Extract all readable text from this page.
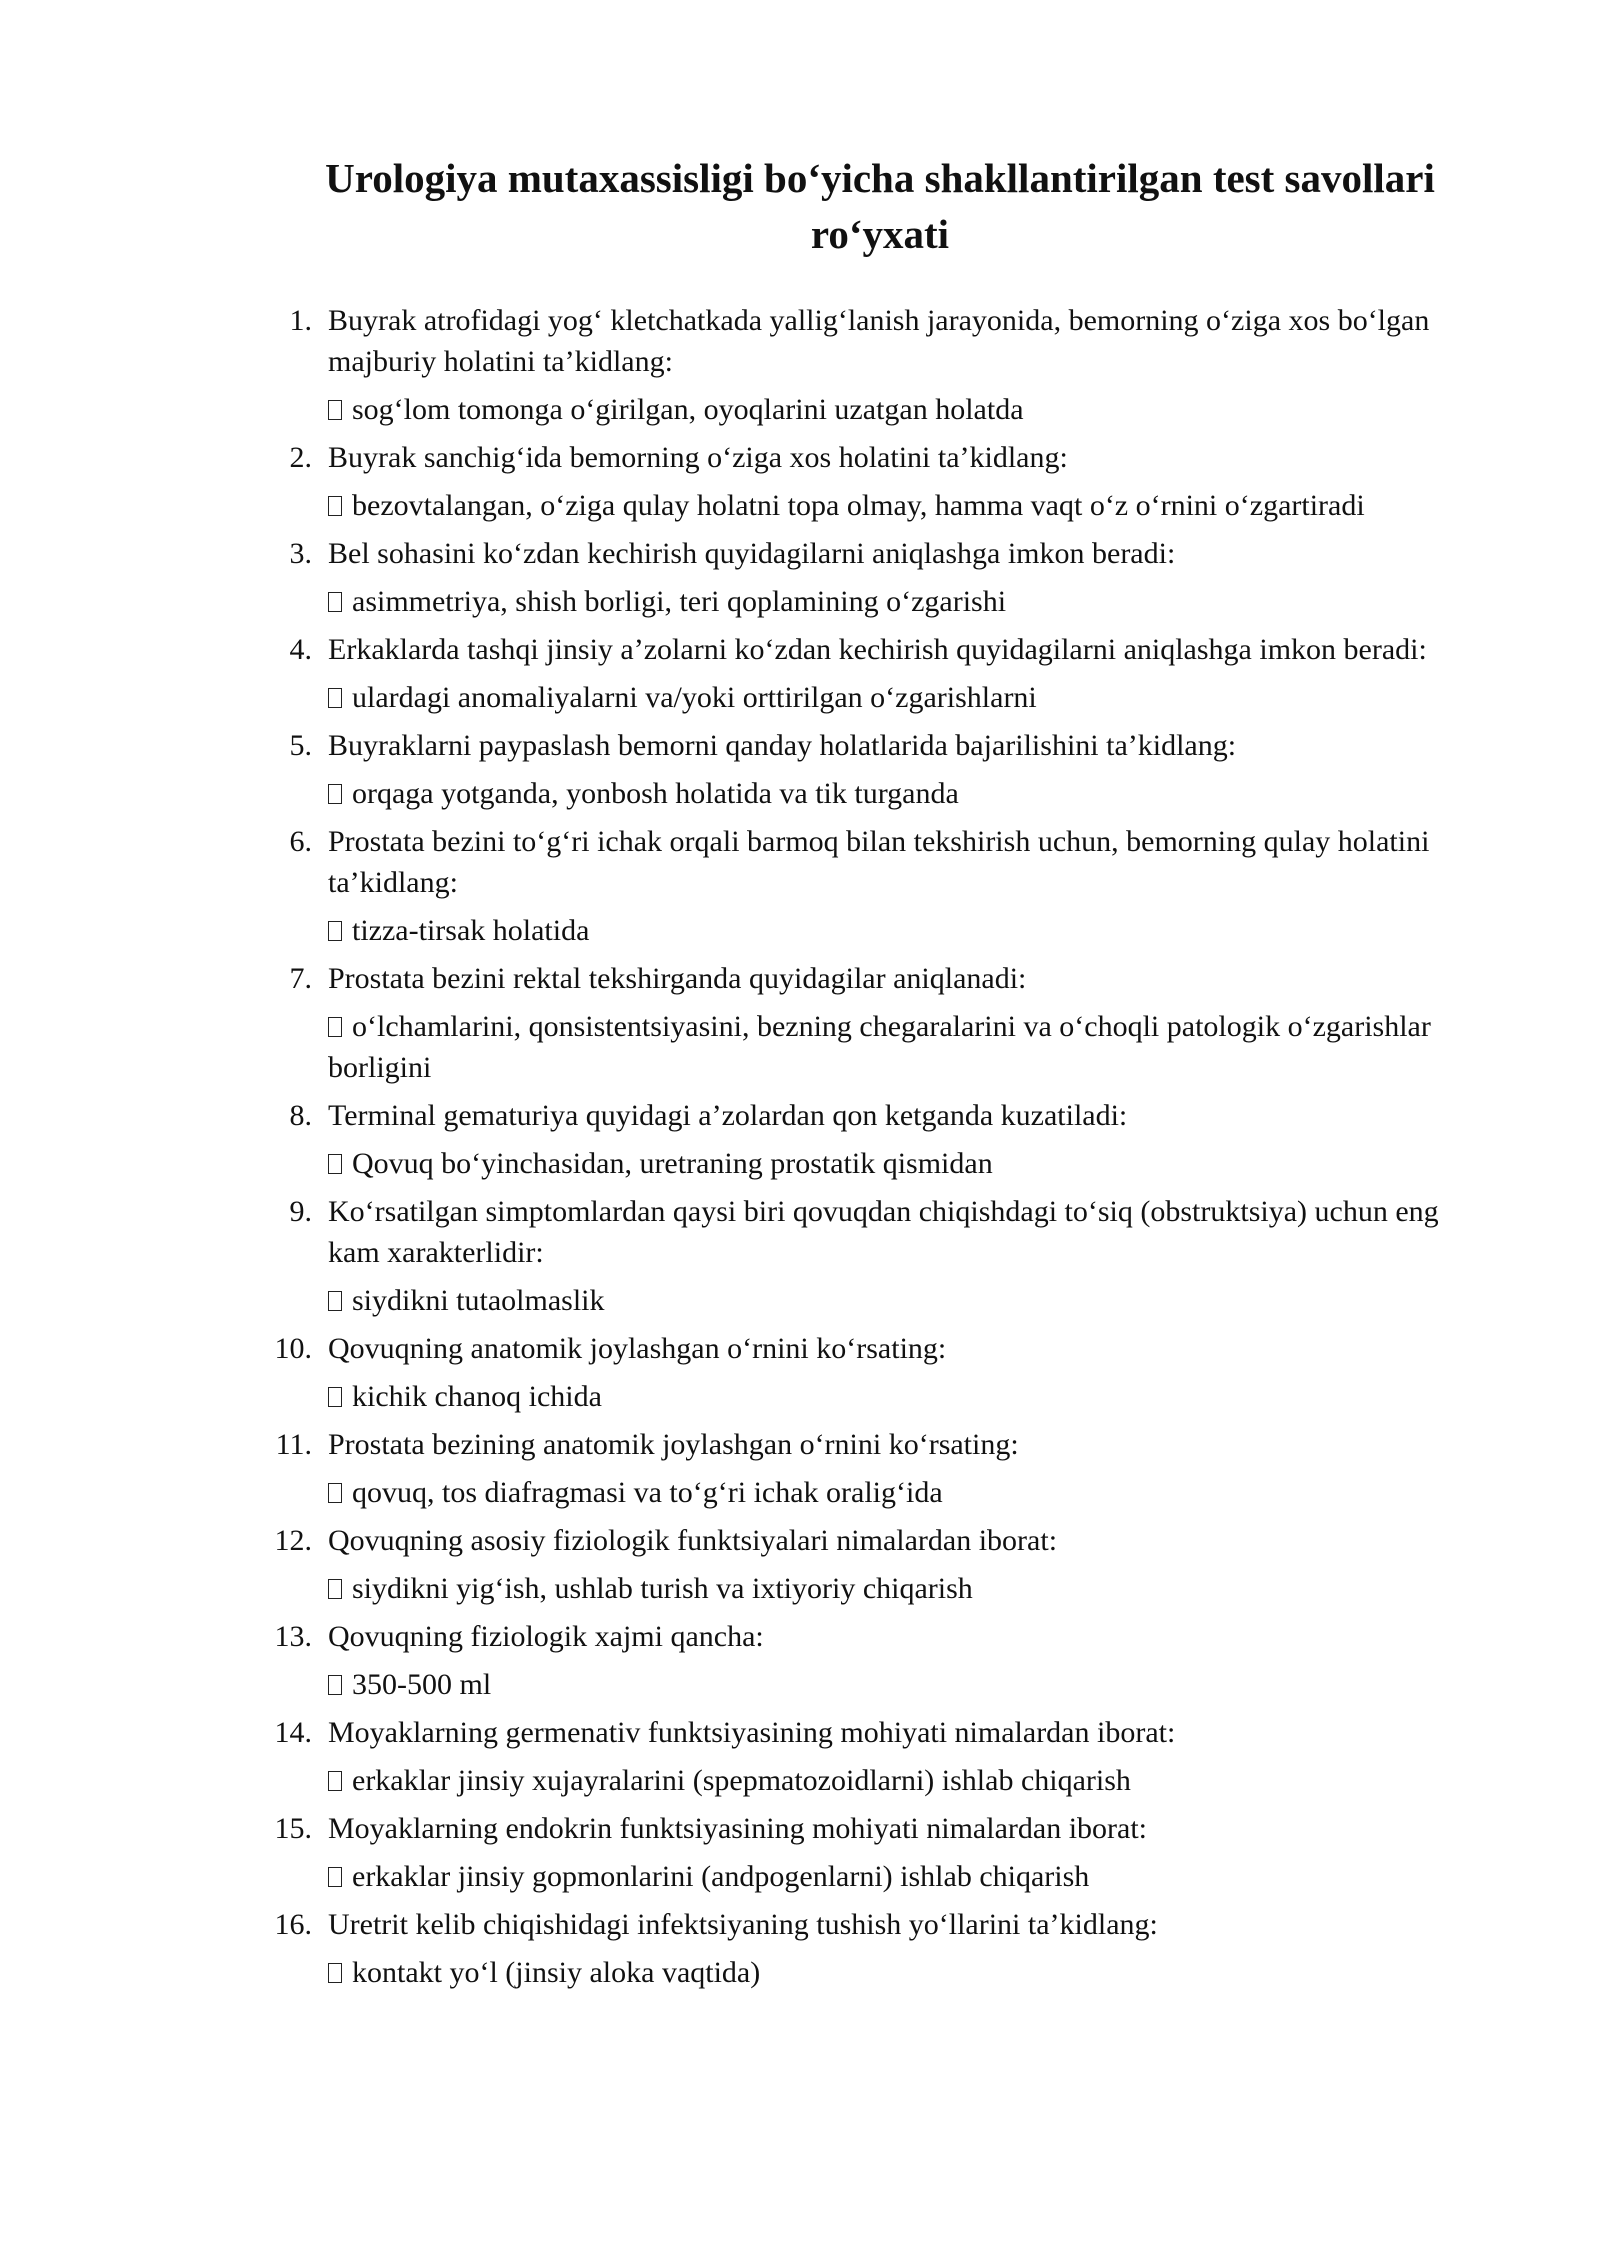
Urologiya mutaxassisligi bo‘yicha shakllantirilgan test savollari ro‘yxati
1. Buyrak atrofidagi yog‘ kletchatkada yallig‘lanish jarayonida, bemorning o‘ziga xos bo‘lgan majburiy holatini ta’kidlang:
sog‘lom tomonga o‘girilgan, oyoqlarini uzatgan holatda
2. Buyrak sanchig‘ida bemorning o‘ziga xos holatini ta’kidlang:
bezovtalangan, o‘ziga qulay holatni topa olmay, hamma vaqt o‘z o‘rnini o‘zgartiradi
3. Bel sohasini ko‘zdan kechirish quyidagilarni aniqlashga imkon beradi:
asimmetriya, shish borligi, teri qoplamining o‘zgarishi
4. Erkaklarda tashqi jinsiy a’zolarni ko‘zdan kechirish quyidagilarni aniqlashga imkon beradi:
ulardagi anomaliyalarni va/yoki orttirilgan o‘zgarishlarni
5. Buyraklarni paypaslash bemorni qanday holatlarida bajarilishini ta’kidlang:
orqaga yotganda, yonbosh holatida va tik turganda
6. Prostata bezini to‘g‘ri ichak orqali barmoq bilan tekshirish uchun, bemorning qulay holatini ta’kidlang:
tizza-tirsak holatida
7. Prostata bezini rektal tekshirganda quyidagilar aniqlanadi:
o‘lchamlarini, qonsistentsiyasini, bezning chegaralarini va o‘choqli patologik o‘zgarishlar borligini
8. Terminal gematuriya quyidagi a’zolardan qon ketganda kuzatiladi:
Qovuq bo‘yinchasidan, uretraning prostatik qismidan
9. Ko‘rsatilgan simptomlardan qaysi biri qovuqdan chiqishdagi to‘siq (obstruktsiya) uchun eng kam xarakterlidir:
siydikni tutaolmaslik
10. Qovuqning anatomik joylashgan o‘rnini ko‘rsating:
kichik chanoq ichida
11. Prostata bezining anatomik joylashgan o‘rnini ko‘rsating:
qovuq, tos diafragmasi va to‘g‘ri ichak oralig‘ida
12. Qovuqning asosiy fiziologik funktsiyalari nimalardan iborat:
siydikni yig‘ish, ushlab turish va ixtiyoriy chiqarish
13. Qovuqning fiziologik xajmi qancha:
350-500 ml
14. Moyaklarning germenativ funktsiyasining mohiyati nimalardan iborat:
erkaklar jinsiy xujayralarini (spepmatozoidlarni) ishlab chiqarish
15. Moyaklarning endokrin funktsiyasining mohiyati nimalardan iborat:
erkaklar jinsiy gopmonlarini (andpogenlarni) ishlab chiqarish
16. Uretrit kelib chiqishidagi infektsiyaning tushish yo‘llarini ta’kidlang:
kontakt yo‘l (jinsiy aloka vaqtida)
